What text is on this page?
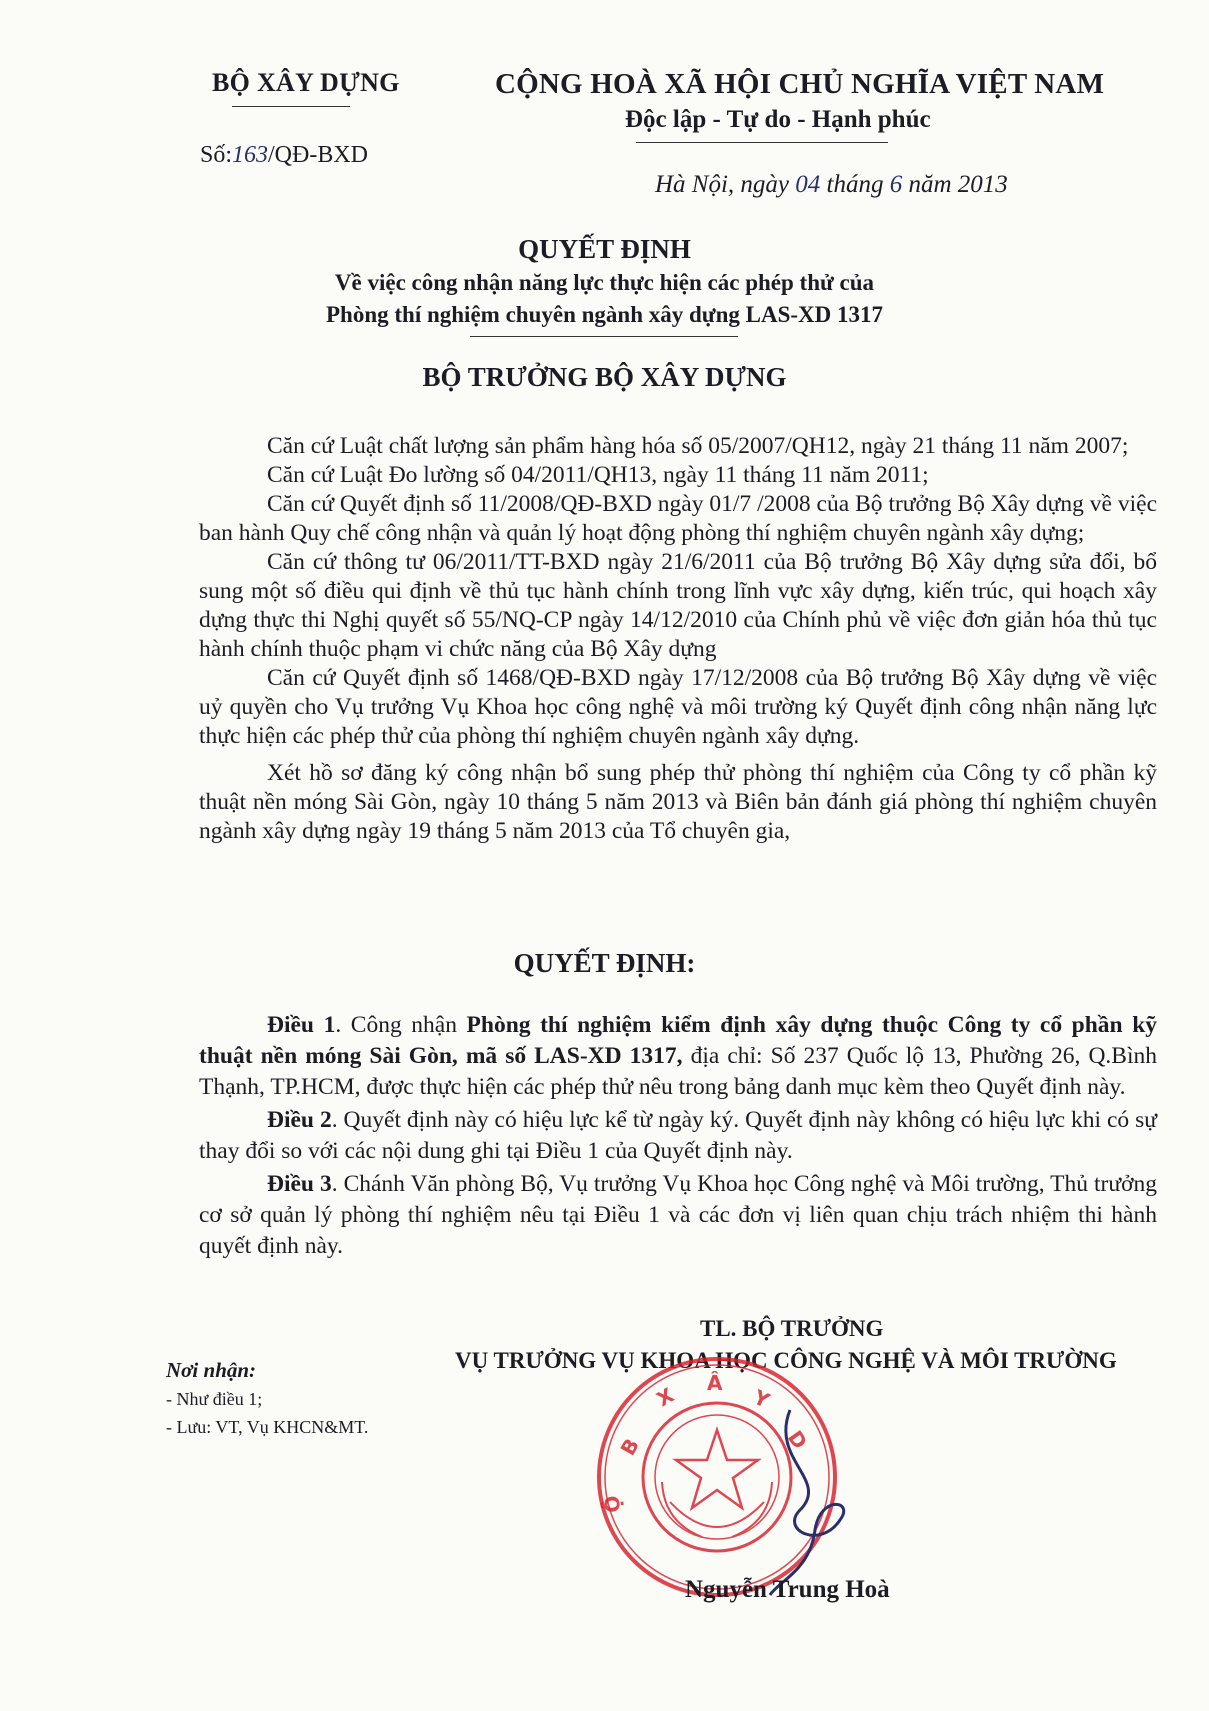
BỘ XÂY DỰNG
Số:163/QĐ-BXD
CỘNG HOÀ XÃ HỘI CHỦ NGHĨA VIỆT NAM
Độc lập - Tự do - Hạnh phúc
Hà Nội, ngày 04 tháng 6 năm 2013
QUYẾT ĐỊNH
Về việc công nhận năng lực thực hiện các phép thử của
Phòng thí nghiệm chuyên ngành xây dựng LAS-XD 1317
BỘ TRƯỞNG BỘ XÂY DỰNG

Căn cứ Luật chất lượng sản phẩm hàng hóa số 05/2007/QH12, ngày 21 tháng 11 năm 2007;

Căn cứ Luật Đo lường số 04/2011/QH13, ngày 11 tháng 11 năm 2011;

Căn cứ Quyết định số 11/2008/QĐ-BXD ngày 01/7 /2008 của Bộ trưởng Bộ Xây dựng về việc ban hành Quy chế công nhận và quản lý hoạt động phòng thí nghiệm chuyên ngành xây dựng;

Căn cứ thông tư 06/2011/TT-BXD ngày 21/6/2011 của Bộ trưởng Bộ Xây dựng sửa đổi, bổ sung một số điều qui định về thủ tục hành chính trong lĩnh vực xây dựng, kiến trúc, qui hoạch xây dựng thực thi Nghị quyết số 55/NQ-CP ngày 14/12/2010 của Chính phủ về việc đơn giản hóa thủ tục hành chính thuộc phạm vi chức năng của Bộ Xây dựng

Căn cứ Quyết định số 1468/QĐ-BXD ngày 17/12/2008 của Bộ trưởng Bộ Xây dựng về việc uỷ quyền cho Vụ trưởng Vụ Khoa học công nghệ và môi trường ký Quyết định công nhận năng lực thực hiện các phép thử của phòng thí nghiệm chuyên ngành xây dựng.

Xét hồ sơ đăng ký công nhận bổ sung phép thử phòng thí nghiệm của Công ty cổ phần kỹ thuật nền móng Sài Gòn, ngày 10 tháng 5 năm 2013 và Biên bản đánh giá phòng thí nghiệm chuyên ngành xây dựng ngày 19 tháng 5 năm 2013 của Tổ chuyên gia,

QUYẾT ĐỊNH:

Điều 1. Công nhận Phòng thí nghiệm kiểm định xây dựng thuộc Công ty cổ phần kỹ thuật nền móng Sài Gòn, mã số LAS-XD 1317, địa chỉ: Số 237 Quốc lộ 13, Phường 26, Q.Bình Thạnh, TP.HCM, được thực hiện các phép thử nêu trong bảng danh mục kèm theo Quyết định này.

Điều 2. Quyết định này có hiệu lực kể từ ngày ký. Quyết định này không có hiệu lực khi có sự thay đổi so với các nội dung ghi tại Điều 1 của Quyết định này.

Điều 3. Chánh Văn phòng Bộ, Vụ trưởng Vụ Khoa học Công nghệ và Môi trường, Thủ trưởng cơ sở quản lý phòng thí nghiệm nêu tại Điều 1 và các đơn vị liên quan chịu trách nhiệm thi hành quyết định này.

Nơi nhận:
- Như điều 1;
- Lưu: VT, Vụ KHCN&MT.
TL. BỘ TRƯỞNG
VỤ TRƯỞNG VỤ KHOA HỌC CÔNG NGHỆ VÀ MÔI TRƯỜNG
B
X Â
Y
D
Ộ
Nguyễn Trung Hoà
